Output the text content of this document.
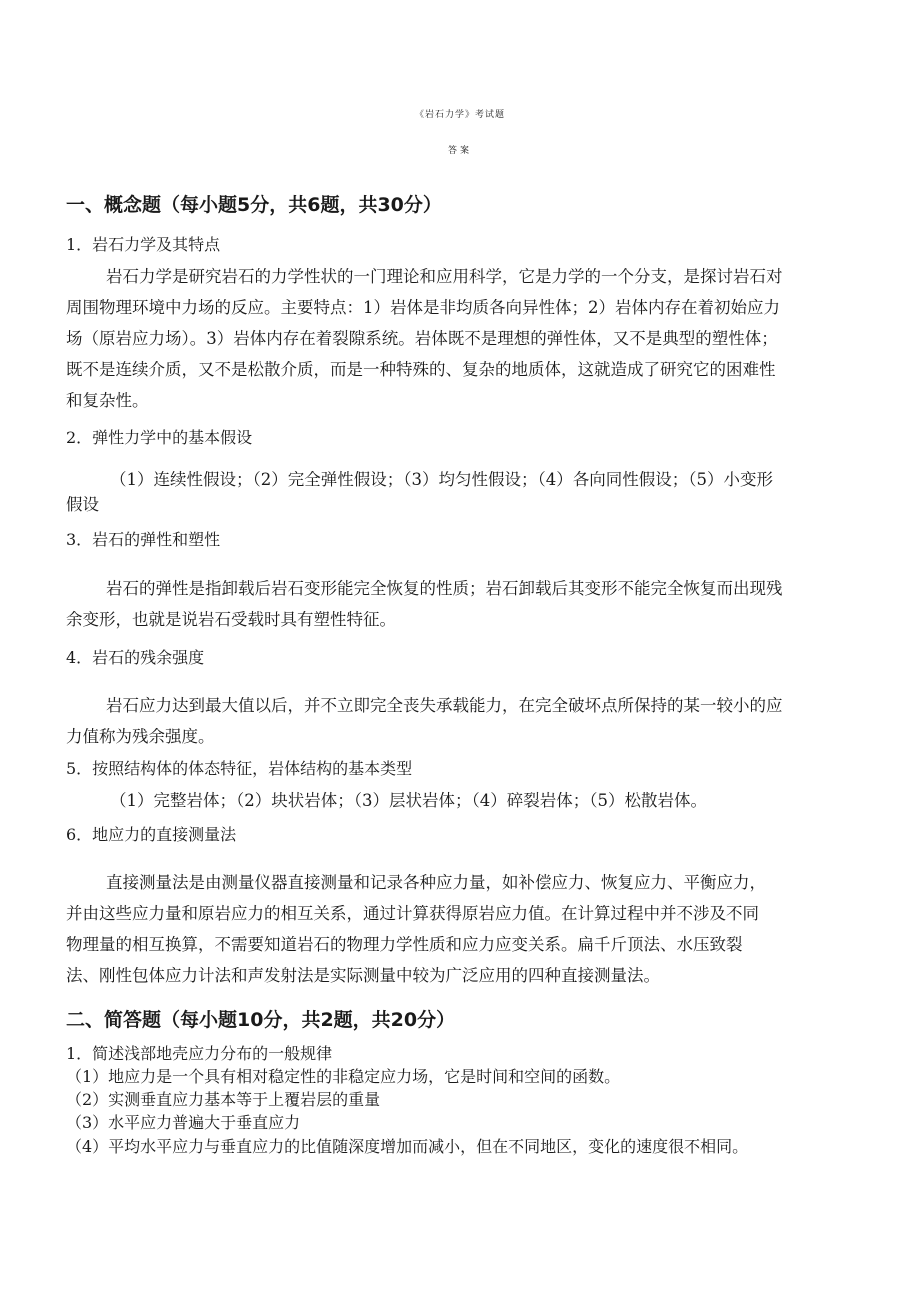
《岩石力学》考试题
答案
一、概念题（每小题5分，共6题，共30分）
1．岩石力学及其特点
岩石力学是研究岩石的力学性状的一门理论和应用科学，它是力学的一个分支，是探讨岩石对
周围物理环境中力场的反应。主要特点：1）岩体是非均质各向异性体；2）岩体内存在着初始应力
场（原岩应力场）。3）岩体内存在着裂隙系统。岩体既不是理想的弹性体，又不是典型的塑性体；
既不是连续介质，又不是松散介质，而是一种特殊的、复杂的地质体，这就造成了研究它的困难性
和复杂性。
2．弹性力学中的基本假设
（1）连续性假设；（2）完全弹性假设；（3）均匀性假设；（4）各向同性假设；（5）小变形
假设
3．岩石的弹性和塑性
岩石的弹性是指卸载后岩石变形能完全恢复的性质；岩石卸载后其变形不能完全恢复而出现残
余变形，也就是说岩石受载时具有塑性特征。
4．岩石的残余强度
岩石应力达到最大值以后，并不立即完全丧失承载能力，在完全破坏点所保持的某一较小的应
力值称为残余强度。
5．按照结构体的体态特征，岩体结构的基本类型
（1）完整岩体；（2）块状岩体；（3）层状岩体；（4）碎裂岩体；（5）松散岩体。
6．地应力的直接测量法
直接测量法是由测量仪器直接测量和记录各种应力量，如补偿应力、恢复应力、平衡应力，
并由这些应力量和原岩应力的相互关系，通过计算获得原岩应力值。在计算过程中并不涉及不同
物理量的相互换算，不需要知道岩石的物理力学性质和应力应变关系。扁千斤顶法、水压致裂
法、刚性包体应力计法和声发射法是实际测量中较为广泛应用的四种直接测量法。
二、简答题（每小题10分，共2题，共20分）
1．简述浅部地壳应力分布的一般规律
（1）地应力是一个具有相对稳定性的非稳定应力场，它是时间和空间的函数。
（2）实测垂直应力基本等于上覆岩层的重量
（3）水平应力普遍大于垂直应力
（4）平均水平应力与垂直应力的比值随深度增加而减小，但在不同地区，变化的速度很不相同。
